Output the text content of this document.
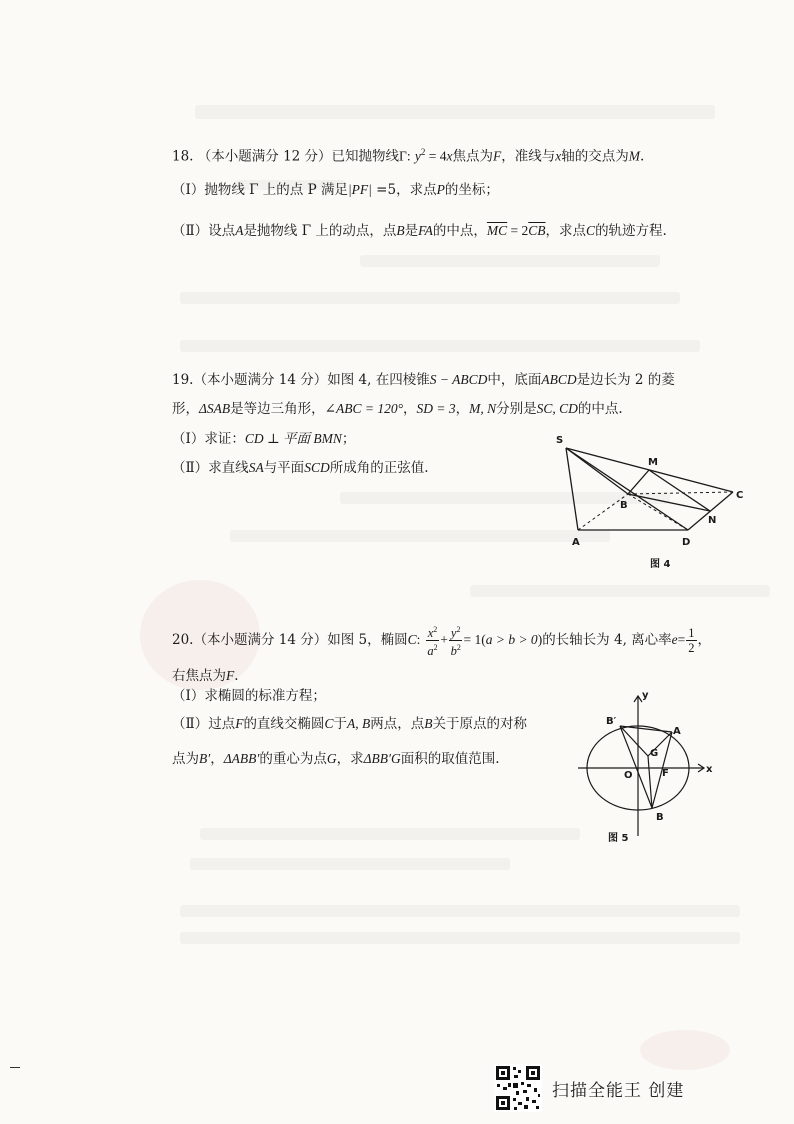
18. （本小题满分 12 分）已知抛物线Γ: $y^2 = 4x$焦点为F，准线与x轴的交点为M.
（Ⅰ）抛物线 Γ 上的点 P 满足|PF| =5，求点P的坐标；
（Ⅱ）设点A是抛物线 Γ 上的动点，点B是FA的中点，$\overline{MC} = 2\overline{CB}$，求点C的轨迹方程.
19.（本小题满分 14 分）如图 4, 在四棱锥S − ABCD中，底面ABCD是边长为 2 的菱
形，ΔSAB是等边三角形，∠ABC = 120°，SD = 3，M, N分别是SC, CD的中点.
（Ⅰ）求证：CD ⊥ 平面 BMN；
（Ⅱ）求直线SA与平面SCD所成角的正弦值.
S
M
C
B
N
A	D
图 4
20.（本小题满分 14 分）如图 5，椭圆C: $\frac{x^2}{a^2} + \frac{y^2}{b^2} = 1(a > b > 0)$的长轴长为 4, 离心率$e= \frac{1}{2}$ ，
右焦点为F.
（Ⅰ）求椭圆的标准方程；
（Ⅱ）过点F的直线交椭圆C于A, B两点，点B关于原点的对称
点为B′，ΔABB′的重心为点G，求ΔBB′G面积的取值范围.
y
x
B′
A
G
O	F
B
图 5
扫描全能王 创建
